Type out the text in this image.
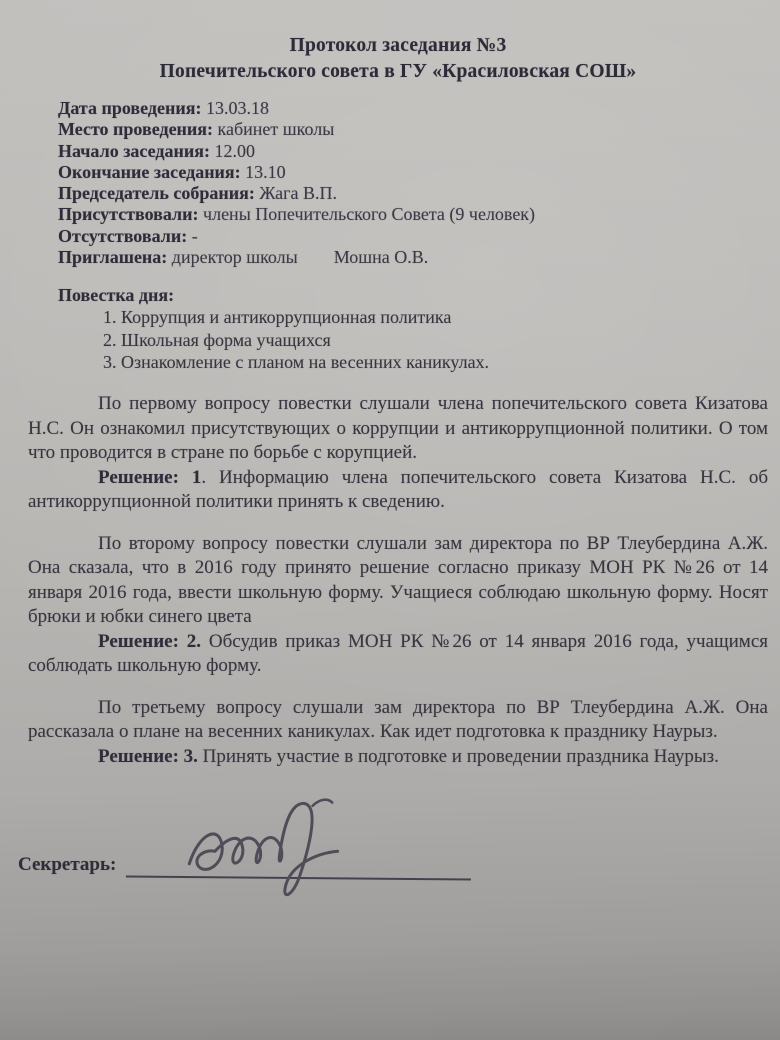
Протокол заседания №3
Попечительского совета в ГУ «Красиловская СОШ»
Дата проведения: 13.03.18
Место проведения: кабинет школы
Начало заседания: 12.00
Окончание заседания: 13.10
Председатель собрания: Жага В.П.
Присутствовали: члены Попечительского Совета (9 человек)
Отсутствовали: -
Приглашена: директор школы   Мошна О.В.
Повестка дня:
1. Коррупция и антикоррупционная политика
2. Школьная форма учащихся
3. Ознакомление с планом на весенних каникулах.

По первому вопросу повестки слушали члена попечительского совета Кизатова Н.С. Он ознакомил присутствующих о коррупции и антикоррупционной политики. О том что проводится в стране по борьбе с корупцией.

Решение: 1. Информацию члена попечительского совета Кизатова Н.С. об антикоррупционной политики принять к сведению.

По второму вопросу повестки слушали зам директора по ВР Тлеубердина А.Ж. Она сказала, что в 2016 году принято решение согласно приказу МОН РК №26 от 14 января 2016 года, ввести школьную форму. Учащиеся соблюдаю школьную форму. Носят брюки и юбки синего цвета

Решение: 2. Обсудив приказ МОН РК №26 от 14 января 2016 года, учащимся соблюдать школьную форму.

По третьему вопросу слушали зам директора по ВР Тлеубердина А.Ж. Она рассказала о плане на весенних каникулах. Как идет подготовка к празднику Наурыз.

Решение: 3. Принять участие в подготовке и проведении праздника Наурыз.

Секретарь:
